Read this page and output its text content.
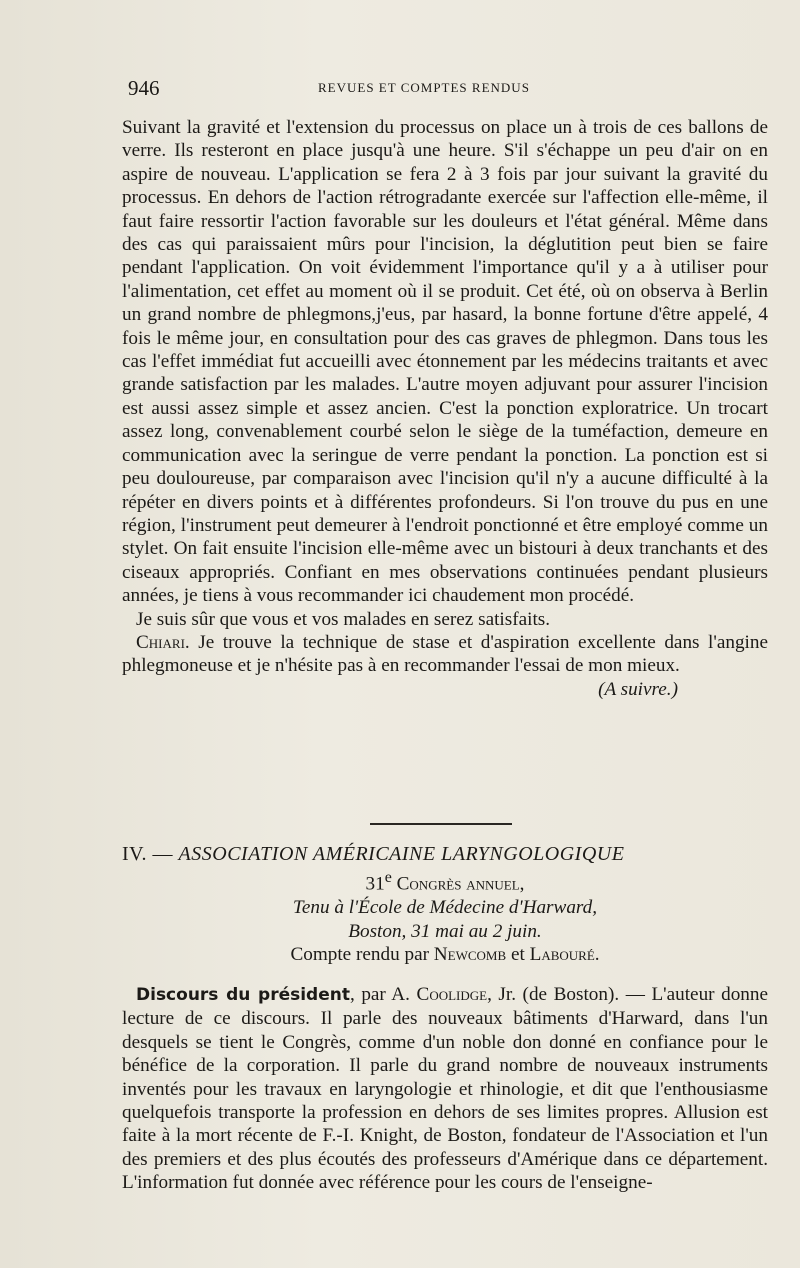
946	REVUES ET COMPTES RENDUS

Suivant la gravité et l'extension du processus on place un à trois de ces ballons de verre. Ils resteront en place jusqu'à une heure. S'il s'échappe un peu d'air on en aspire de nouveau. L'application se fera 2 à 3 fois par jour suivant la gravité du processus. En dehors de l'action rétrogradante exercée sur l'affection elle-même, il faut faire ressortir l'action favorable sur les douleurs et l'état général. Même dans des cas qui paraissaient mûrs pour l'incision, la déglutition peut bien se faire pendant l'application. On voit évidemment l'importance qu'il y a à utiliser pour l'alimentation, cet effet au moment où il se produit. Cet été, où on observa à Berlin un grand nombre de phlegmons,j'eus, par hasard, la bonne fortune d'être appelé, 4 fois le même jour, en consultation pour des cas graves de phlegmon. Dans tous les cas l'effet immédiat fut accueilli avec étonnement par les médecins traitants et avec grande satisfaction par les malades. L'autre moyen adjuvant pour assurer l'incision est aussi assez simple et assez ancien. C'est la ponction exploratrice. Un trocart assez long, convenablement courbé selon le siège de la tuméfaction, demeure en communication avec la seringue de verre pendant la ponction. La ponction est si peu douloureuse, par comparaison avec l'incision qu'il n'y a aucune difficulté à la répéter en divers points et à différentes profondeurs. Si l'on trouve du pus en une région, l'instrument peut demeurer à l'endroit ponctionné et être employé comme un stylet. On fait ensuite l'incision elle-même avec un bistouri à deux tranchants et des ciseaux appropriés. Confiant en mes observations continuées pendant plusieurs années, je tiens à vous recommander ici chaudement mon procédé.

Je suis sûr que vous et vos malades en serez satisfaits.

Chiari. Je trouve la technique de stase et d'aspiration excellente dans l'angine phlegmoneuse et je n'hésite pas à en recommander l'essai de mon mieux.

(A suivre.)
IV. — ASSOCIATION AMÉRICAINE LARYNGOLOGIQUE
31e Congrès annuel,
Tenu à l'École de Médecine d'Harward,
Boston, 31 mai au 2 juin.
Compte rendu par Newcomb et Labouré.

Discours du président, par A. Coolidge, Jr. (de Boston). — L'auteur donne lecture de ce discours. Il parle des nouveaux bâtiments d'Harward, dans l'un desquels se tient le Congrès, comme d'un noble don donné en confiance pour le bénéfice de la corporation. Il parle du grand nombre de nouveaux instruments inventés pour les travaux en laryngologie et rhinologie, et dit que l'enthousiasme quelquefois transporte la profession en dehors de ses limites propres. Allusion est faite à la mort récente de F.-I. Knight, de Boston, fondateur de l'Association et l'un des premiers et des plus écoutés des professeurs d'Amérique dans ce département. L'information fut donnée avec référence pour les cours de l'enseigne-
